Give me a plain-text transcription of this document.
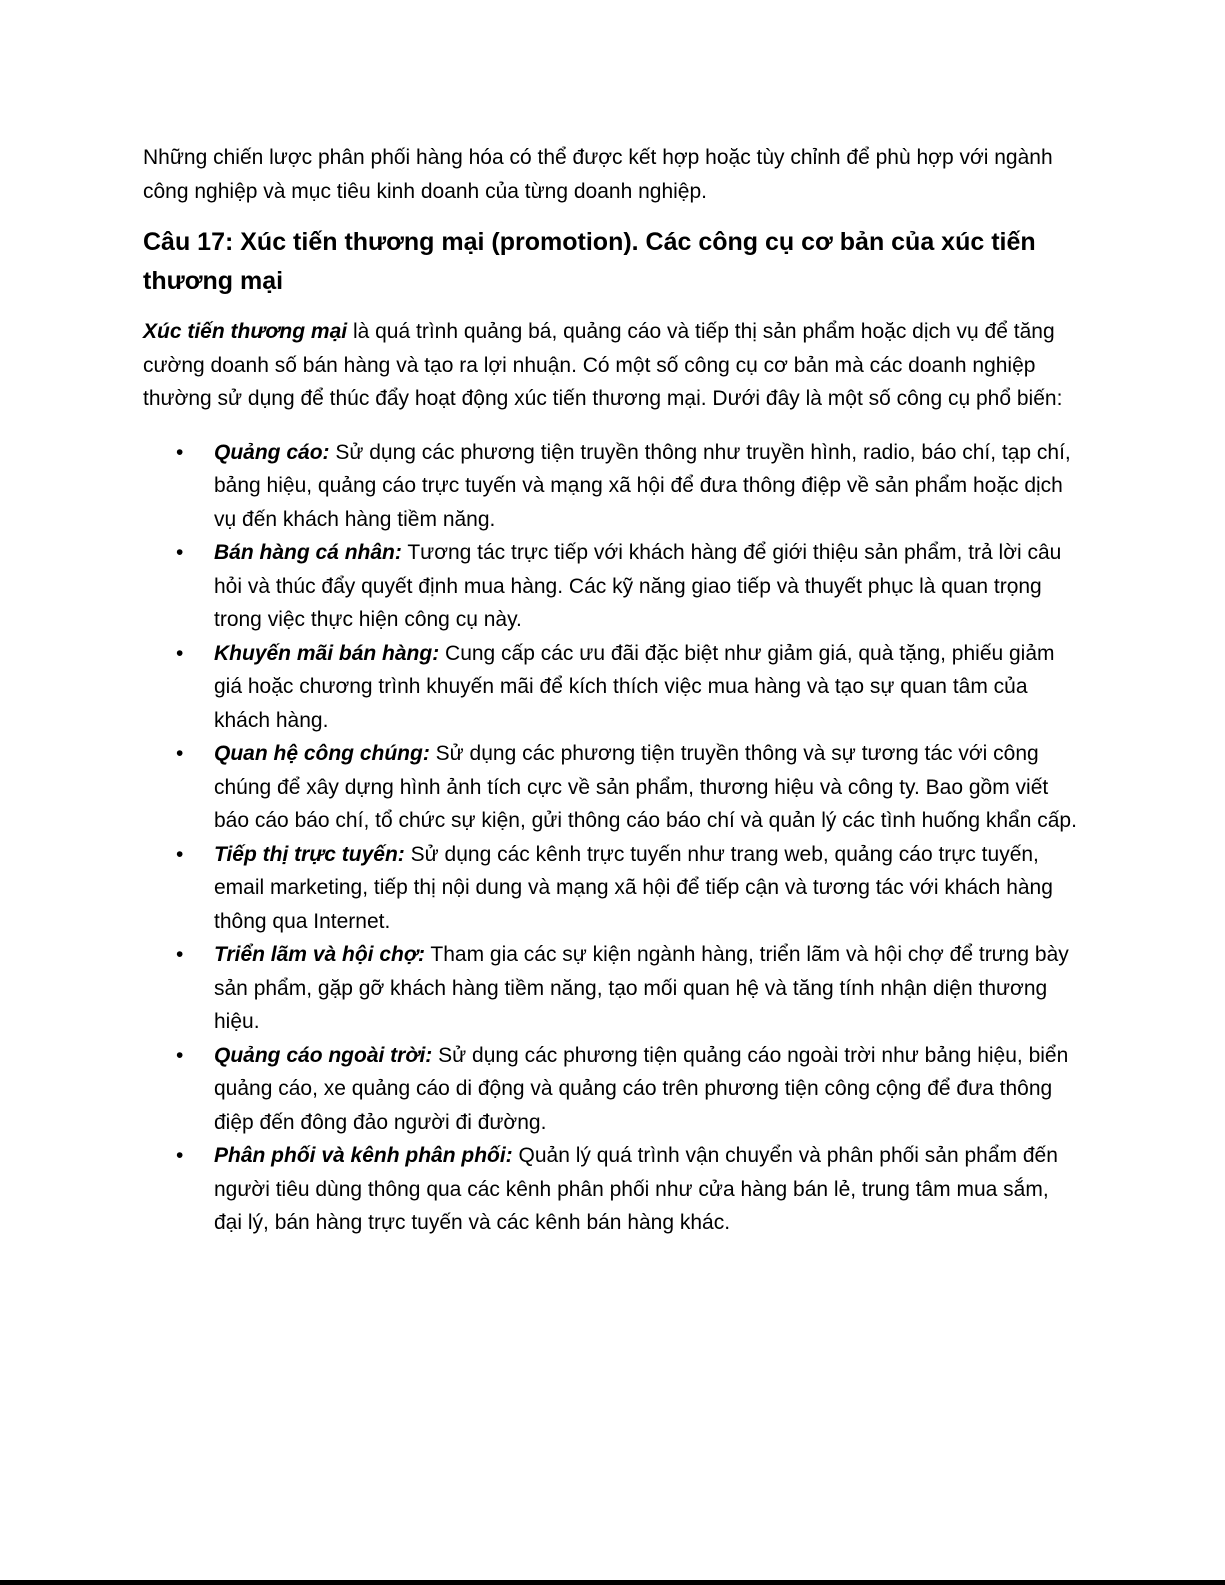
Những chiến lược phân phối hàng hóa có thể được kết hợp hoặc tùy chỉnh để phù hợp với ngành công nghiệp và mục tiêu kinh doanh của từng doanh nghiệp.

Câu 17: Xúc tiến thương mại (promotion). Các công cụ cơ bản của xúc tiến thương mại

Xúc tiến thương mại là quá trình quảng bá, quảng cáo và tiếp thị sản phẩm hoặc dịch vụ để tăng cường doanh số bán hàng và tạo ra lợi nhuận. Có một số công cụ cơ bản mà các doanh nghiệp thường sử dụng để thúc đẩy hoạt động xúc tiến thương mại. Dưới đây là một số công cụ phổ biến:

•	Quảng cáo: Sử dụng các phương tiện truyền thông như truyền hình, radio, báo chí, tạp chí, bảng hiệu, quảng cáo trực tuyến và mạng xã hội để đưa thông điệp về sản phẩm hoặc dịch vụ đến khách hàng tiềm năng.
•	Bán hàng cá nhân: Tương tác trực tiếp với khách hàng để giới thiệu sản phẩm, trả lời câu hỏi và thúc đẩy quyết định mua hàng. Các kỹ năng giao tiếp và thuyết phục là quan trọng trong việc thực hiện công cụ này.
•	Khuyến mãi bán hàng: Cung cấp các ưu đãi đặc biệt như giảm giá, quà tặng, phiếu giảm giá hoặc chương trình khuyến mãi để kích thích việc mua hàng và tạo sự quan tâm của khách hàng.
•	Quan hệ công chúng: Sử dụng các phương tiện truyền thông và sự tương tác với công chúng để xây dựng hình ảnh tích cực về sản phẩm, thương hiệu và công ty. Bao gồm viết báo cáo báo chí, tổ chức sự kiện, gửi thông cáo báo chí và quản lý các tình huống khẩn cấp.
•	Tiếp thị trực tuyến: Sử dụng các kênh trực tuyến như trang web, quảng cáo trực tuyến, email marketing, tiếp thị nội dung và mạng xã hội để tiếp cận và tương tác với khách hàng thông qua Internet.
•	Triển lãm và hội chợ: Tham gia các sự kiện ngành hàng, triển lãm và hội chợ để trưng bày sản phẩm, gặp gỡ khách hàng tiềm năng, tạo mối quan hệ và tăng tính nhận diện thương hiệu.
•	Quảng cáo ngoài trời: Sử dụng các phương tiện quảng cáo ngoài trời như bảng hiệu, biển quảng cáo, xe quảng cáo di động và quảng cáo trên phương tiện công cộng để đưa thông điệp đến đông đảo người đi đường.
•	Phân phối và kênh phân phối: Quản lý quá trình vận chuyển và phân phối sản phẩm đến người tiêu dùng thông qua các kênh phân phối như cửa hàng bán lẻ, trung tâm mua sắm, đại lý, bán hàng trực tuyến và các kênh bán hàng khác.
